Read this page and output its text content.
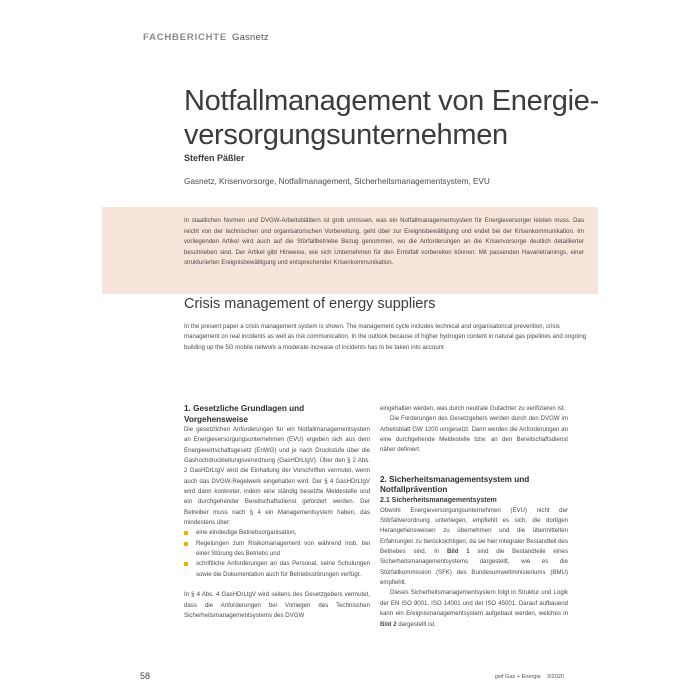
FACHBERICHTE Gasnetz
Notfallmanagement von Energie-
versorgungsunternehmen
Steffen Päßler
Gasnetz, Krisenvorsorge, Notfallmanagement, Sicherheitsmanagementsystem, EVU

In staatlichen Normen und DVGW-Arbeitsblättern ist grob umrissen, was ein Notfallmanagementsystem für Energieversorger leisten muss. Das reicht von der technischen und organisatorischen Vorbereitung, geht über zur Ereignisbewältigung und endet bei der Krisenkommunikation. Im vorliegenden Artikel wird auch auf die Störfallbetriebe Bezug genommen, wo die Anforderungen an die Krisenvorsorge deutlich detaillierter beschrieben sind. Der Artikel gibt Hinweise, wie sich Unternehmen für den Ernstfall vorbereiten können: Mit passenden Havarietrainings, einer strukturierten Ereignisbewältigung und entsprechender Krisenkommunikation.

Crisis management of energy suppliers

In the present paper a crisis management system is shown. The management cycle includes technical and organisatorical prevention, crisis management on real incidents as well as risk communication. In the outlook because of higher hydrogen content in natural gas pipelines and ongoing building up the 5G mobile network a moderate increase of incidents has to be taken into account

1. Gesetzliche Grundlagen und Vorgehensweise

Die gesetzlichen Anforderungen für ein Notfallmanagementsystem an Energieversorgungsunternehmen (EVU) ergeben sich aus dem Energiewirtschaftsgesetz (EnWG) und je nach Druckstufe über die Gashochdruckleitungsverordnung (GasHDrLtgV). Über den § 2 Abs. 2 GasHDrLtgV wird die Einhaltung der Vorschriften vermutet, wenn auch das DVGW-Regelwerk eingehalten wird. Der § 4 GasHDrLtgV wird dann konkreter, indem eine ständig besetzte Meldestelle und ein durchgehender Bereitschaftsdienst gefordert werden. Der Betreiber muss nach § 4 ein Managementsystem haben, das mindestens über:

eine eindeutige Betriebsorganisation,
Regelungen zum Risikomanagement von während insb. bei einer Störung des Betriebs und
schriftliche Anforderungen an das Personal, seine Schulungen sowie die Dokumentation auch für Betriebsstörungen verfügt.

In § 4 Abs. 4 GasHDrLtgV wird seitens des Gesetzgebers vermutet, dass die Anforderungen bei Vorliegen des Technischen Sicherheitsmanagementsystems des DVGW

eingehalten werden, was durch neutrale Gutachter zu verifizieren ist.

Die Forderungen des Gesetzgebers werden durch den DVGW im Arbeitsblatt GW 1200 umgesetzt. Darin werden die Anforderungen an eine durchgehende Meldestelle bzw. an den Bereitschaftsdienst näher definiert.

2. Sicherheitsmanagementsystem und Notfallprävention
2.1 Sicherheitsmanagementsystem

Obwohl Energieversorgungsunternehmen (EVU) nicht der Störfallverordnung unterliegen, empfiehlt es sich, die dortigen Herangehensweisen zu übernehmen und die übermittelten Erfahrungen zu berücksichtigen, da sie hier integraler Bestandteil des Betriebes sind. In Bild 1 sind die Bestandteile eines Sicherheitsmanagementsystems dargestellt, wie es die Störfallkommission (SFK) des Bundesumweltministeriums (BMU) empfiehlt.

Dieses Sicherheitsmanagementsystem folgt in Struktur und Logik der EN ISO 9001, ISO 14001 und der ISO 45001. Darauf aufbauend kann ein Ereignismanagementsystem aufgebaut werden, welches in Bild 2 dargestellt ist.

58	gwf Gas + Energie 3/2020
